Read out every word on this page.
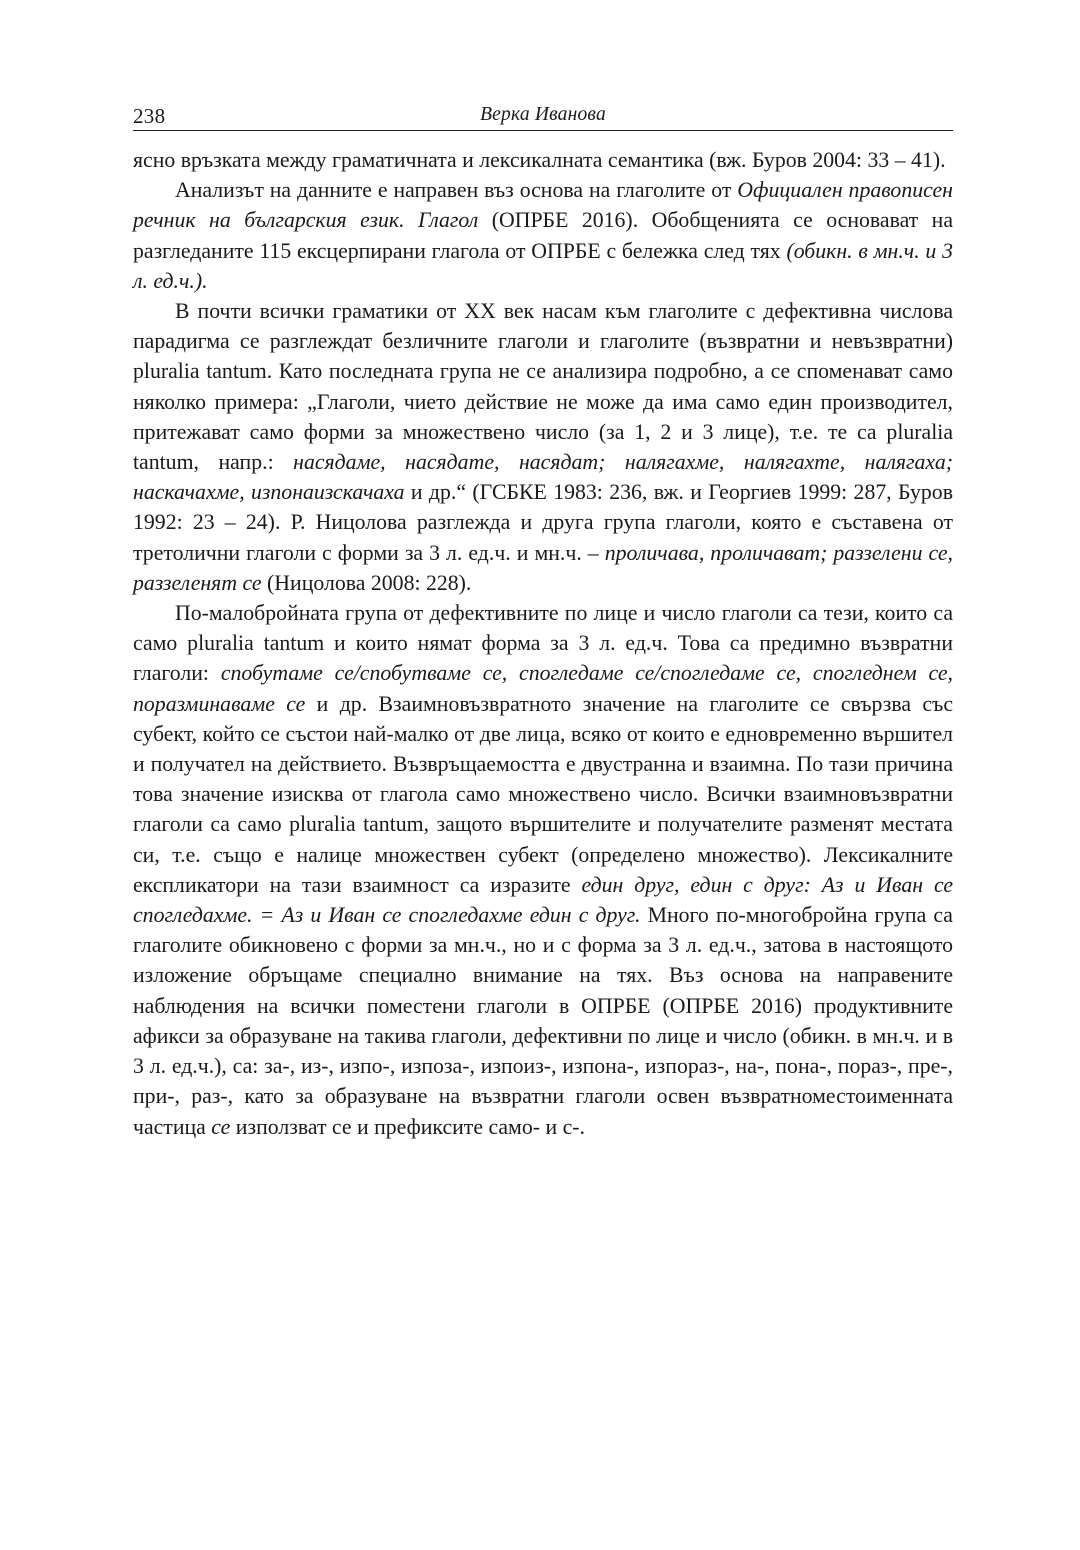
238	Верка Иванова

ясно връзката между граматичната и лексикалната семантика (вж. Буров 2004: 33 – 41).

Анализът на данните е направен въз основа на глаголите от Официален правописен речник на българския език. Глагол (ОПРБЕ 2016). Обобщенията се основават на разгледаните 115 ексцерпирани глагола от ОПРБЕ с бележка след тях (обикн. в мн.ч. и 3 л. ед.ч.).

В почти всички граматики от XX век насам към глаголите с дефективна числова парадигма се разглеждат безличните глаголи и глаголите (възвратни и невъзвратни) pluralia tantum. Като последната група не се анализира подробно, а се споменават само няколко примера: „Глаголи, чието действие не може да има само един производител, притежават само форми за множествено число (за 1, 2 и 3 лице), т.е. те са pluralia tantum, напр.: насядаме, насядате, насядат; налягахме, налягахте, налягаха; наскачахме, изпонаизскачаха и др.“ (ГСБКЕ 1983: 236, вж. и Георгиев 1999: 287, Буров 1992: 23 – 24). Р. Ницолова разглежда и друга група глаголи, която е съставена от третолични глаголи с форми за 3 л. ед.ч. и мн.ч. – проличава, проличават; раззелени се, раззеленят се (Ницолова 2008: 228).

По-малобройната група от дефективните по лице и число глаголи са тези, които са само pluralia tantum и които нямат форма за 3 л. ед.ч. Това са предимно възвратни глаголи: спобутаме се/спобутваме се, споглeдаме се/спогледаме се, спогледнем се, поразминаваме се и др. Взаимновъзвратното значение на глаголите се свързва със субект, който се състои най-малко от две лица, всяко от които е едновременно вършител и получател на действието. Възвръщаемостта е двустранна и взаимна. По тази причина това значение изисква от глагола само множествено число. Всички взаимновъзвратни глаголи са само pluralia tantum, защото вършителите и получателите разменят местата си, т.е. също е налице множествен субект (определено множество). Лексикалните експликатори на тази взаимност са изразите един друг, един с друг: Аз и Иван се спогледахме. = Аз и Иван се спогледахме един с друг. Много по-многобройна група са глаголите обикновено с форми за мн.ч., но и с форма за 3 л. ед.ч., затова в настоящото изложение обръщаме специално внимание на тях. Въз основа на направените наблюдения на всички поместени глаголи в ОПРБЕ (ОПРБЕ 2016) продуктивните афикси за образуване на такива глаголи, дефективни по лице и число (обикн. в мн.ч. и в 3 л. ед.ч.), са: за-, из-, изпо-, изпоза-, изпоиз-, изпона-, изпораз-, на-, пона-, пораз-, пре-, при-, раз-, като за образуване на възвратни глаголи освен възвратноместоименната частица се използват се и префиксите само- и с-.
